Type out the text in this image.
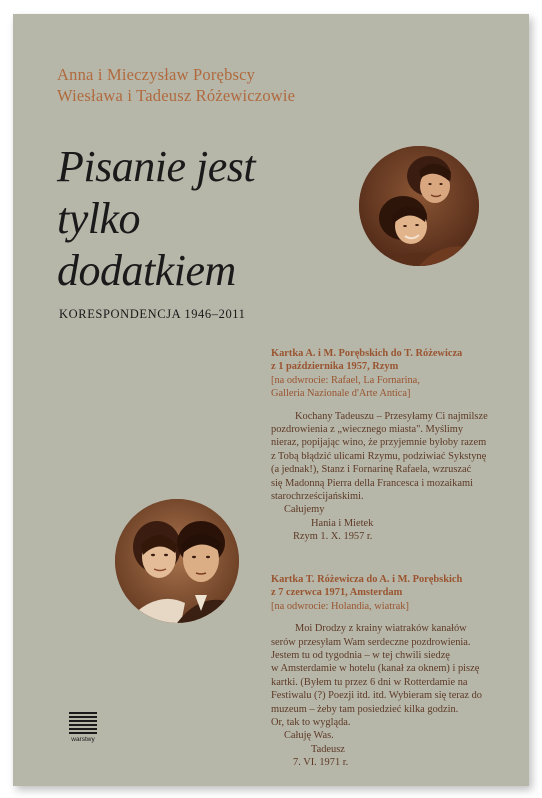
Anna i Mieczysław Porębscy
Wiesława i Tadeusz Różewiczowie
Pisanie jest
tylko
dodatkiem
KORESPONDENCJA 1946–2011
Kartka A. i M. Porębskich do T. Różewicza
z 1 października 1957, Rzym
[na odwrocie: Rafael, La Fornarina,
Galleria Nazionale d'Arte Antica]
Kochany Tadeuszu – Przesyłamy Ci najmilsze
pozdrowienia z „wiecznego miasta". Myślimy
nieraz, popijając wino, że przyjemnie byłoby razem
z Tobą błądzić ulicami Rzymu, podziwiać Sykstynę
(a jednak!), Stanz i Fornarinę Rafaela, wzruszać
się Madonną Pierra della Francesca i mozaikami
starochrześcijańskimi.
Całujemy
Hania i Mietek
Rzym 1. X. 1957 r.
Kartka T. Różewicza do A. i M. Porębskich
z 7 czerwca 1971, Amsterdam
[na odwrocie: Holandia, wiatrak]
Moi Drodzy z krainy wiatraków kanałów
serów przesyłam Wam serdeczne pozdrowienia.
Jestem tu od tygodnia – w tej chwili siedzę
w Amsterdamie w hotelu (kanał za oknem) i piszę
kartki. (Byłem tu przez 6 dni w Rotterdamie na
Festiwalu (?) Poezji itd. itd. Wybieram się teraz do
muzeum – żeby tam posiedzieć kilka godzin.
Or, tak to wygląda.
Całuję Was.
Tadeusz
7. VI. 1971 r.
warstwy
